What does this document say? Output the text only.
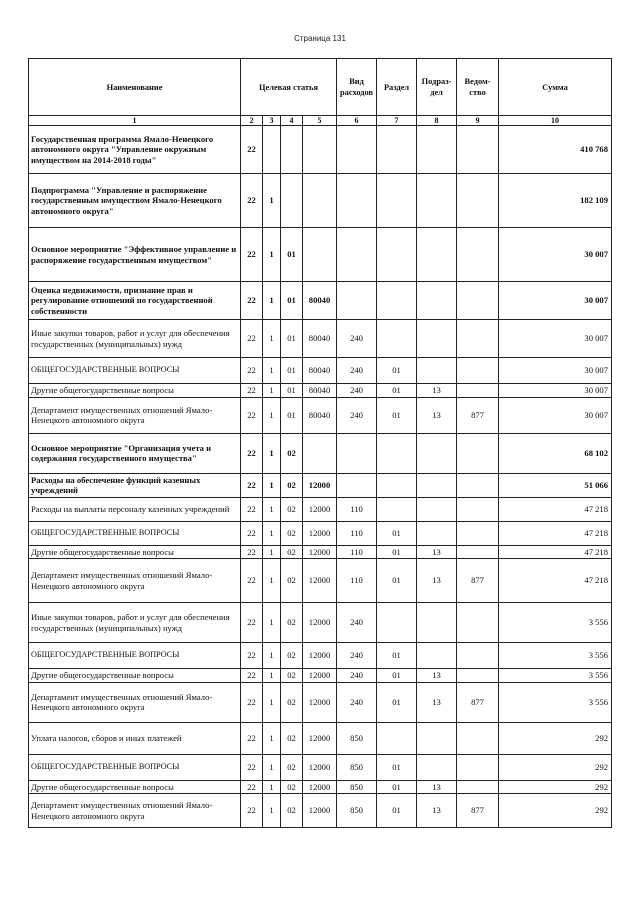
Страница 131
Наименование	Целевая статья				Вид расходов	Раздел	Подраз-дел	Ведом-ство	Сумма
1	2	3	4	5	6	7	8	9	10
Государственная программа Ямало-Ненецкого автономного округа "Управление окружным имуществом на 2014-2018 годы"	22								410 768
Подпрограмма "Управление и распоряжение государственным имуществом Ямало-Ненецкого автономного округа"	22	1							182 109
Основное мероприятие "Эффективное управление и распоряжение государственным имуществом"	22	1	01						30 007
Оценка недвижимости, признание прав и регулирование отношений по государственной собственности	22	1	01	80040					30 007
Иные закупки товаров, работ и услуг для обеспечения государственных (муниципальных) нужд	22	1	01	80040	240				30 007
ОБЩЕГОСУДАРСТВЕННЫЕ ВОПРОСЫ	22	1	01	80040	240	01			30 007
Другие общегосударственные вопросы	22	1	01	80040	240	01	13		30 007
Департамент имущественных отношений Ямало-Ненецкого автономного округа	22	1	01	80040	240	01	13	877	30 007
Основное мероприятие "Организация учета и содержания государственного имущества"	22	1	02						68 102
Расходы на обеспечение функций казенных учреждений	22	1	02	12000					51 066
Расходы на выплаты персоналу казенных учреждений	22	1	02	12000	110				47 218
ОБЩЕГОСУДАРСТВЕННЫЕ ВОПРОСЫ	22	1	02	12000	110	01			47 218
Другие общегосударственные вопросы	22	1	02	12000	110	01	13		47 218
Департамент имущественных отношений Ямало-Ненецкого автономного округа	22	1	02	12000	110	01	13	877	47 218
Иные закупки товаров, работ и услуг для обеспечения государственных (муниципальных) нужд	22	1	02	12000	240				3 556
ОБЩЕГОСУДАРСТВЕННЫЕ ВОПРОСЫ	22	1	02	12000	240	01			3 556
Другие общегосударственные вопросы	22	1	02	12000	240	01	13		3 556
Департамент имущественных отношений Ямало-Ненецкого автономного округа	22	1	02	12000	240	01	13	877	3 556
Уплата налогов, сборов и иных платежей	22	1	02	12000	850				292
ОБЩЕГОСУДАРСТВЕННЫЕ ВОПРОСЫ	22	1	02	12000	850	01			292
Другие общегосударственные вопросы	22	1	02	12000	850	01	13		292
Департамент имущественных отношений Ямало-Ненецкого автономного округа	22	1	02	12000	850	01	13	877	292
